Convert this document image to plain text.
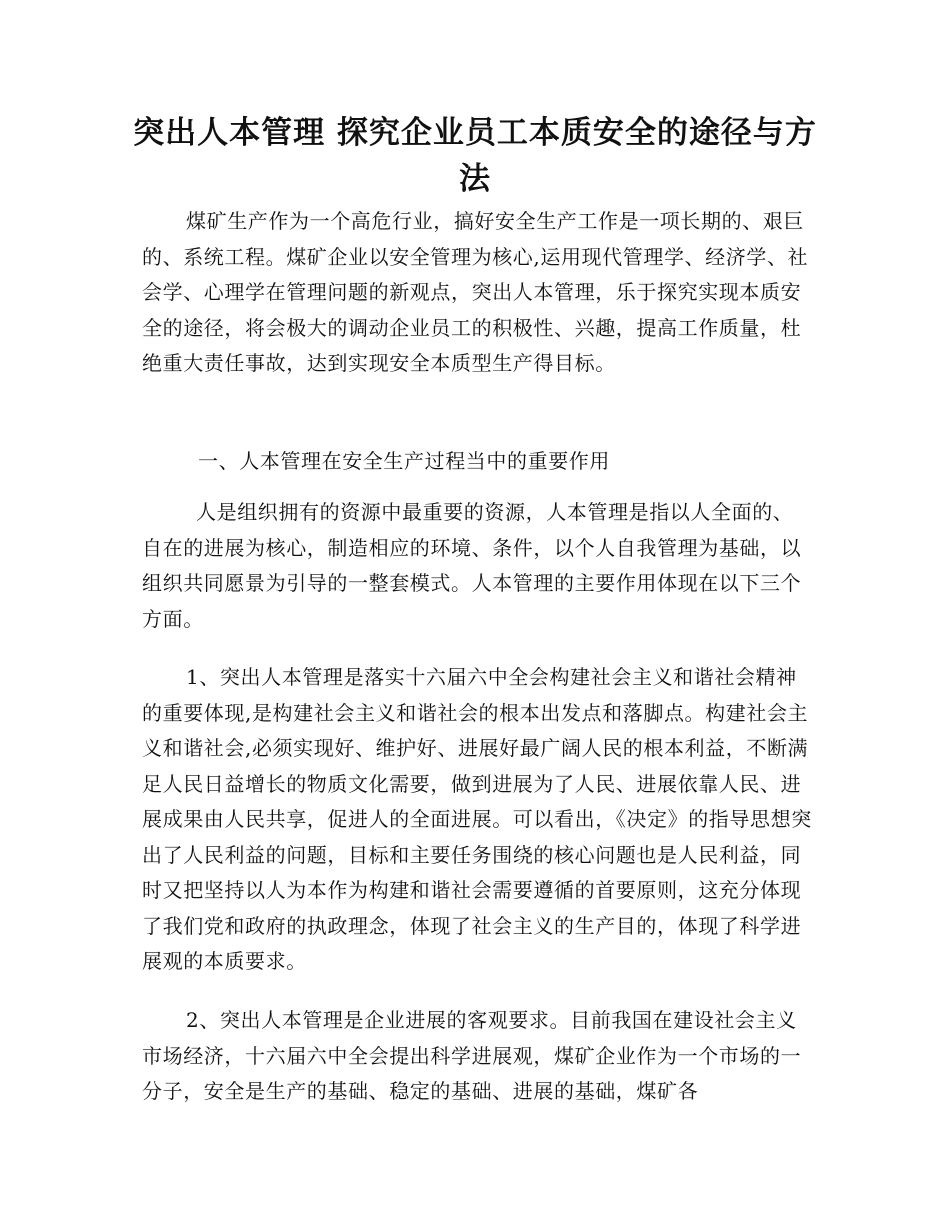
突出人本管理 探究企业员工本质安全的途径与方法

煤矿生产作为一个高危行业，搞好安全生产工作是一项长期的、艰巨的、系统工程。煤矿企业以安全管理为核心,运用现代管理学、经济学、社会学、心理学在管理问题的新观点，突出人本管理，乐于探究实现本质安全的途径，将会极大的调动企业员工的积极性、兴趣，提高工作质量，杜绝重大责任事故，达到实现安全本质型生产得目标。

一、人本管理在安全生产过程当中的重要作用

人是组织拥有的资源中最重要的资源，人本管理是指以人全面的、自在的进展为核心，制造相应的环境、条件，以个人自我管理为基础，以组织共同愿景为引导的一整套模式。人本管理的主要作用体现在以下三个方面。

1、突出人本管理是落实十六届六中全会构建社会主义和谐社会精神的重要体现,是构建社会主义和谐社会的根本出发点和落脚点。构建社会主义和谐社会,必须实现好、维护好、进展好最广阔人民的根本利益，不断满足人民日益增长的物质文化需要，做到进展为了人民、进展依靠人民、进展成果由人民共享，促进人的全面进展。可以看出，《决定》的指导思想突出了人民利益的问题，目标和主要任务围绕的核心问题也是人民利益，同时又把坚持以人为本作为构建和谐社会需要遵循的首要原则，这充分体现了我们党和政府的执政理念，体现了社会主义的生产目的，体现了科学进展观的本质要求。

2、突出人本管理是企业进展的客观要求。目前我国在建设社会主义市场经济，十六届六中全会提出科学进展观，煤矿企业作为一个市场的一分子，安全是生产的基础、稳定的基础、进展的基础，煤矿各
